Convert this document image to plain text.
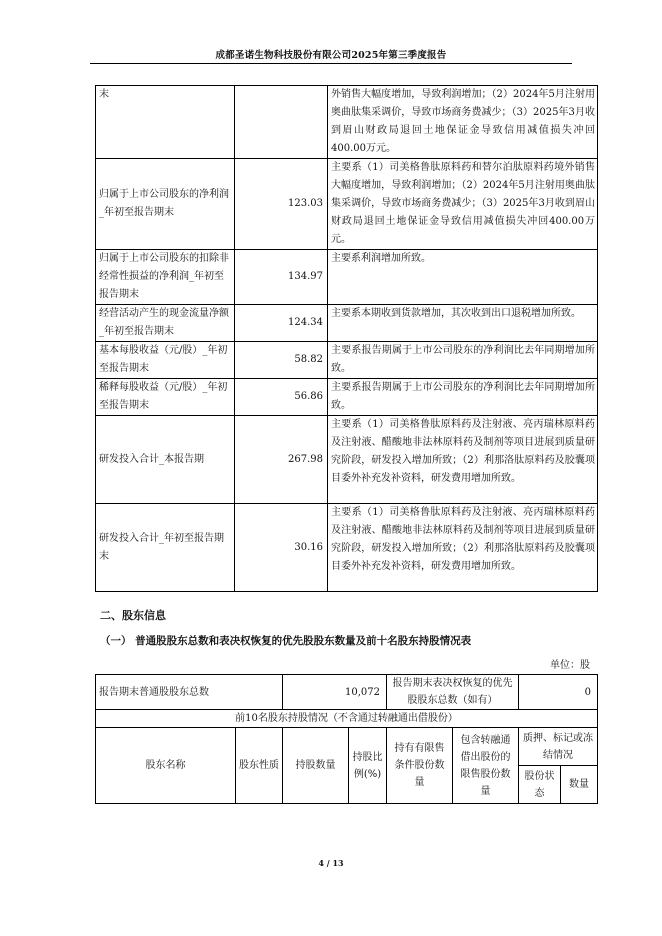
成都圣诺生物科技股份有限公司2025年第三季度报告
末		外销售大幅度增加，导致利润增加；（2）2024年5月注射用奥曲肽集采调价，导致市场商务费减少；（3）2025年3月收到眉山财政局退回土地保证金导致信用减值损失冲回400.00万元。
归属于上市公司股东的净利润_年初至报告期末	123.03	主要系（1）司美格鲁肽原料药和替尔泊肽原料药境外销售大幅度增加，导致利润增加；（2）2024年5月注射用奥曲肽集采调价，导致市场商务费减少；（3）2025年3月收到眉山财政局退回土地保证金导致信用减值损失冲回400.00万元。
归属于上市公司股东的扣除非经常性损益的净利润_年初至报告期末	134.97	主要系利润增加所致。
经营活动产生的现金流量净额_年初至报告期末	124.34	主要系本期收到货款增加，其次收到出口退税增加所致。
基本每股收益（元/股）_年初至报告期末	58.82	主要系报告期属于上市公司股东的净利润比去年同期增加所致。
稀释每股收益（元/股）_年初至报告期末	56.86	主要系报告期属于上市公司股东的净利润比去年同期增加所致。
研发投入合计_本报告期	267.98	主要系（1）司美格鲁肽原料药及注射液、亮丙瑞林原料药及注射液、醋酸地非法林原料药及制剂等项目进展到质量研究阶段，研发投入增加所致；（2）利那洛肽原料药及胶囊项目委外补充发补资料，研发费用增加所致。
研发投入合计_年初至报告期末	30.16	主要系（1）司美格鲁肽原料药及注射液、亮丙瑞林原料药及注射液、醋酸地非法林原料药及制剂等项目进展到质量研究阶段，研发投入增加所致；（2）利那洛肽原料药及胶囊项目委外补充发补资料，研发费用增加所致。
二、股东信息
（一） 普通股股东总数和表决权恢复的优先股股东数量及前十名股东持股情况表
单位：股
报告期末普通股股东总数		10,072		报告期末表决权恢复的优先股股东总数（如有）		0	
前10名股东持股情况（不含通过转融通出借股份）							
股东名称	股东性质	持股数量	持股比例(%)	持有有限售条件股份数量	包含转融通借出股份的限售股份数量	质押、标记或冻结情况	
						股份状态	数量
4 / 13
